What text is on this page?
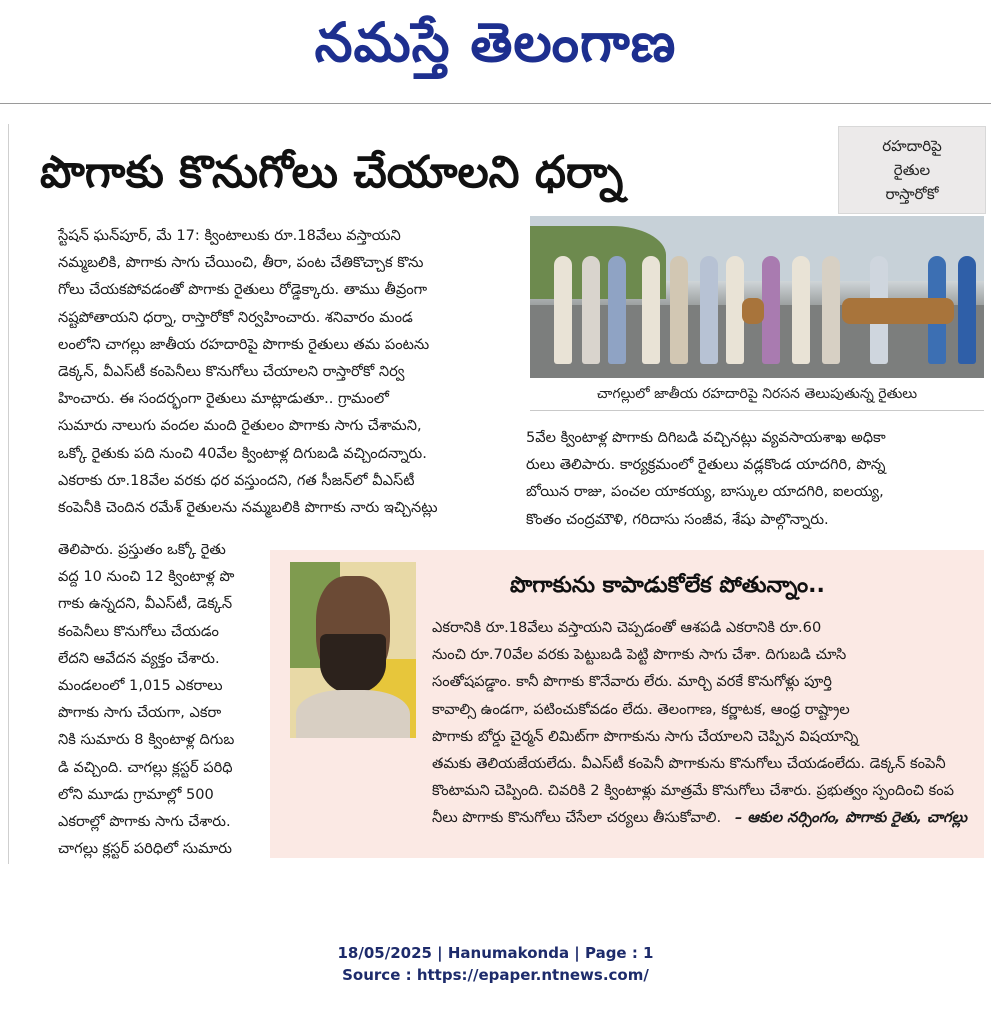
నమస్తే తెలంగాణ
పొగాకు కొనుగోలు చేయాలని ధర్నా
రహదారిపై
రైతుల
రాస్తారోకో

స్టేషన్ ఘన్‌పూర్, మే 17: క్వింటాలుకు రూ.18వేలు వస్తాయని

నమ్మబలికి, పొగాకు సాగు చేయించి, తీరా, పంట చేతికొచ్చాక కొను

గోలు చేయకపోవడంతో పొగాకు రైతులు రోడ్డెక్కారు. తాము తీవ్రంగా

నష్టపోతాయని ధర్నా, రాస్తారోకో నిర్వహించారు. శనివారం మండ

లంలోని చాగల్లు జాతీయ రహదారిపై పొగాకు రైతులు తమ పంటను

డెక్కన్, వీఎస్‌టీ కంపెనీలు కొనుగోలు చేయాలని రాస్తారోకో నిర్వ

హించారు. ఈ సందర్భంగా రైతులు మాట్లాడుతూ.. గ్రామంలో

సుమారు నాలుగు వందల మంది రైతులం పొగాకు సాగు చేశామని,

ఒక్కో రైతుకు పది నుంచి 40వేల క్వింటాళ్ల దిగుబడి వచ్చిందన్నారు.

ఎకరాకు రూ.18వేల వరకు ధర వస్తుందని, గత సీజన్‌లో వీఎస్‌టీ

కంపెనీకి చెందిన రమేశ్ రైతులను నమ్మబలికి పొగాకు నారు ఇచ్చినట్లు

తెలిపారు. ప్రస్తుతం ఒక్కో రైతు

వద్ద 10 నుంచి 12 క్వింటాళ్ల పొ

గాకు ఉన్నదని, వీఎస్‌టీ, డెక్కన్

కంపెనీలు కొనుగోలు చేయడం

లేదని ఆవేదన వ్యక్తం చేశారు.

మండలంలో 1,015 ఎకరాలు

పొగాకు సాగు చేయగా, ఎకరా

నికి సుమారు 8 క్వింటాళ్ల దిగుబ

డి వచ్చింది. చాగల్లు క్లస్టర్ పరిధి

లోని మూడు గ్రామాల్లో 500

ఎకరాల్లో పొగాకు సాగు చేశారు.

చాగల్లు క్లస్టర్ పరిధిలో సుమారు

చాగల్లులో జాతీయ రహదారిపై నిరసన తెలుపుతున్న రైతులు

5వేల క్వింటాళ్ల పొగాకు దిగిబడి వచ్చినట్లు వ్యవసాయశాఖ అధికా

రులు తెలిపారు. కార్యక్రమంలో రైతులు వడ్లకొండ యాదగిరి, పొన్న

బోయిన రాజు, పంచల యాకయ్య, బాస్కుల యాదగిరి, ఐలయ్య,

కొంతం చంద్రమౌళి, గరిదాసు సంజీవ, శేషు పాల్గొన్నారు.

పొగాకును కాపాడుకోలేక పోతున్నాం..

ఎకరానికి రూ.18వేలు వస్తాయని చెప్పడంతో ఆశపడి ఎకరానికి రూ.60

నుంచి రూ.70వేల వరకు పెట్టుబడి పెట్టి పొగాకు సాగు చేశా. దిగుబడి చూసి

సంతోషపడ్డాం. కానీ పొగాకు కొనేవారు లేరు. మార్చి వరకే కొనుగోళ్లు పూర్తి

కావాల్సి ఉండగా, పటించుకోవడం లేదు. తెలంగాణ, కర్ణాటక, ఆంధ్ర రాష్ట్రాల

పొగాకు బోర్డు చైర్మన్ లిమిట్‌గా పొగాకును సాగు చేయాలని చెప్పిన విషయాన్ని

తమకు తెలియజేయలేదు. వీఎస్‌టీ కంపెనీ పొగాకును కొనుగోలు చేయడంలేదు. డెక్కన్ కంపెనీ

కొంటామని చెప్పింది. చివరికి 2 క్వింటాళ్లు మాత్రమే కొనుగోలు చేశారు. ప్రభుత్వం స్పందించి కంప

నీలు పొగాకు కొనుగోలు చేసేలా చర్యలు తీసుకోవాలి. – ఆకుల నర్సింగం, పొగాకు రైతు, చాగల్లు

18/05/2025 | Hanumakonda | Page : 1
Source : https://epaper.ntnews.com/
